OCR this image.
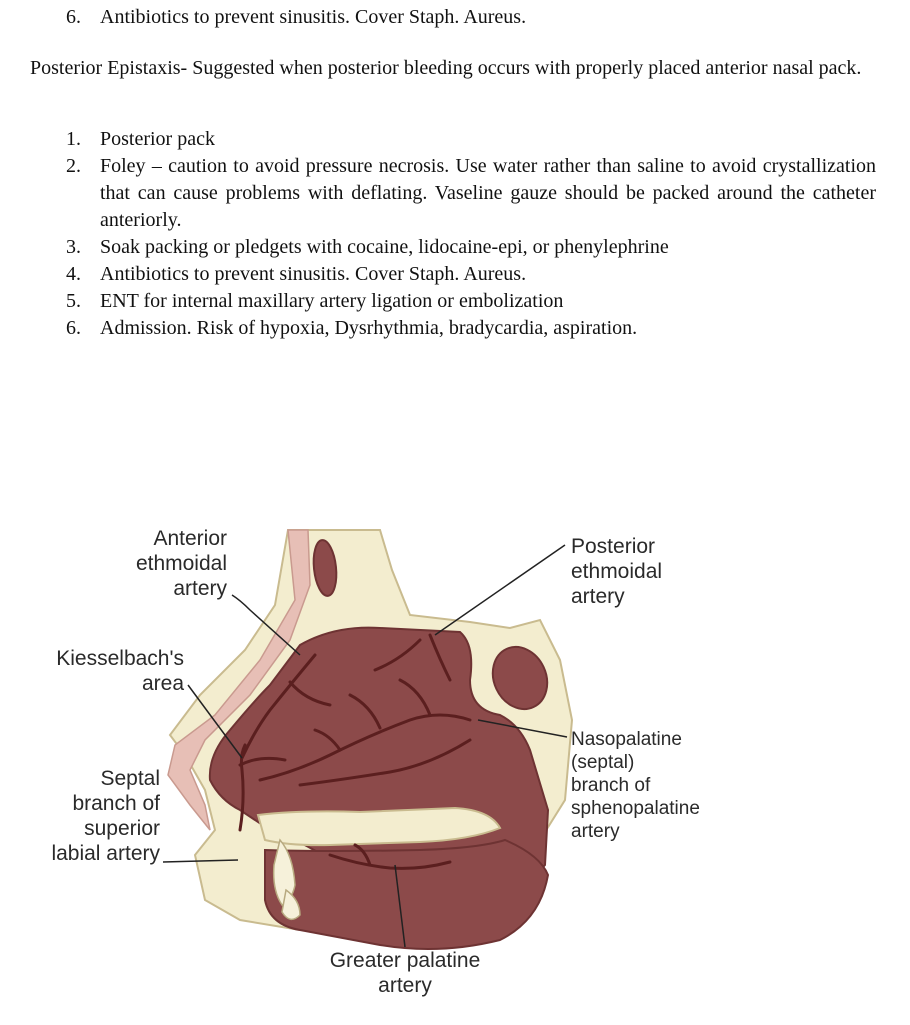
6. Antibiotics to prevent sinusitis. Cover Staph. Aureus.
Posterior Epistaxis- Suggested when posterior bleeding occurs with properly placed anterior nasal pack.
1. Posterior pack
2. Foley – caution to avoid pressure necrosis. Use water rather than saline to avoid crystallization that can cause problems with deflating. Vaseline gauze should be packed around the catheter anteriorly.
3. Soak packing or pledgets with cocaine, lidocaine-epi, or phenylephrine
4. Antibiotics to prevent sinusitis. Cover Staph. Aureus.
5. ENT for internal maxillary artery ligation or embolization
6. Admission. Risk of hypoxia, Dysrhythmia, bradycardia, aspiration.
Anterior
ethmoidal
artery
Posterior
ethmoidal
artery
Kiesselbach's
area
Nasopalatine
(septal)
branch of
sphenopalatine
artery
Septal
branch of
superior
labial artery
Greater palatine
artery
